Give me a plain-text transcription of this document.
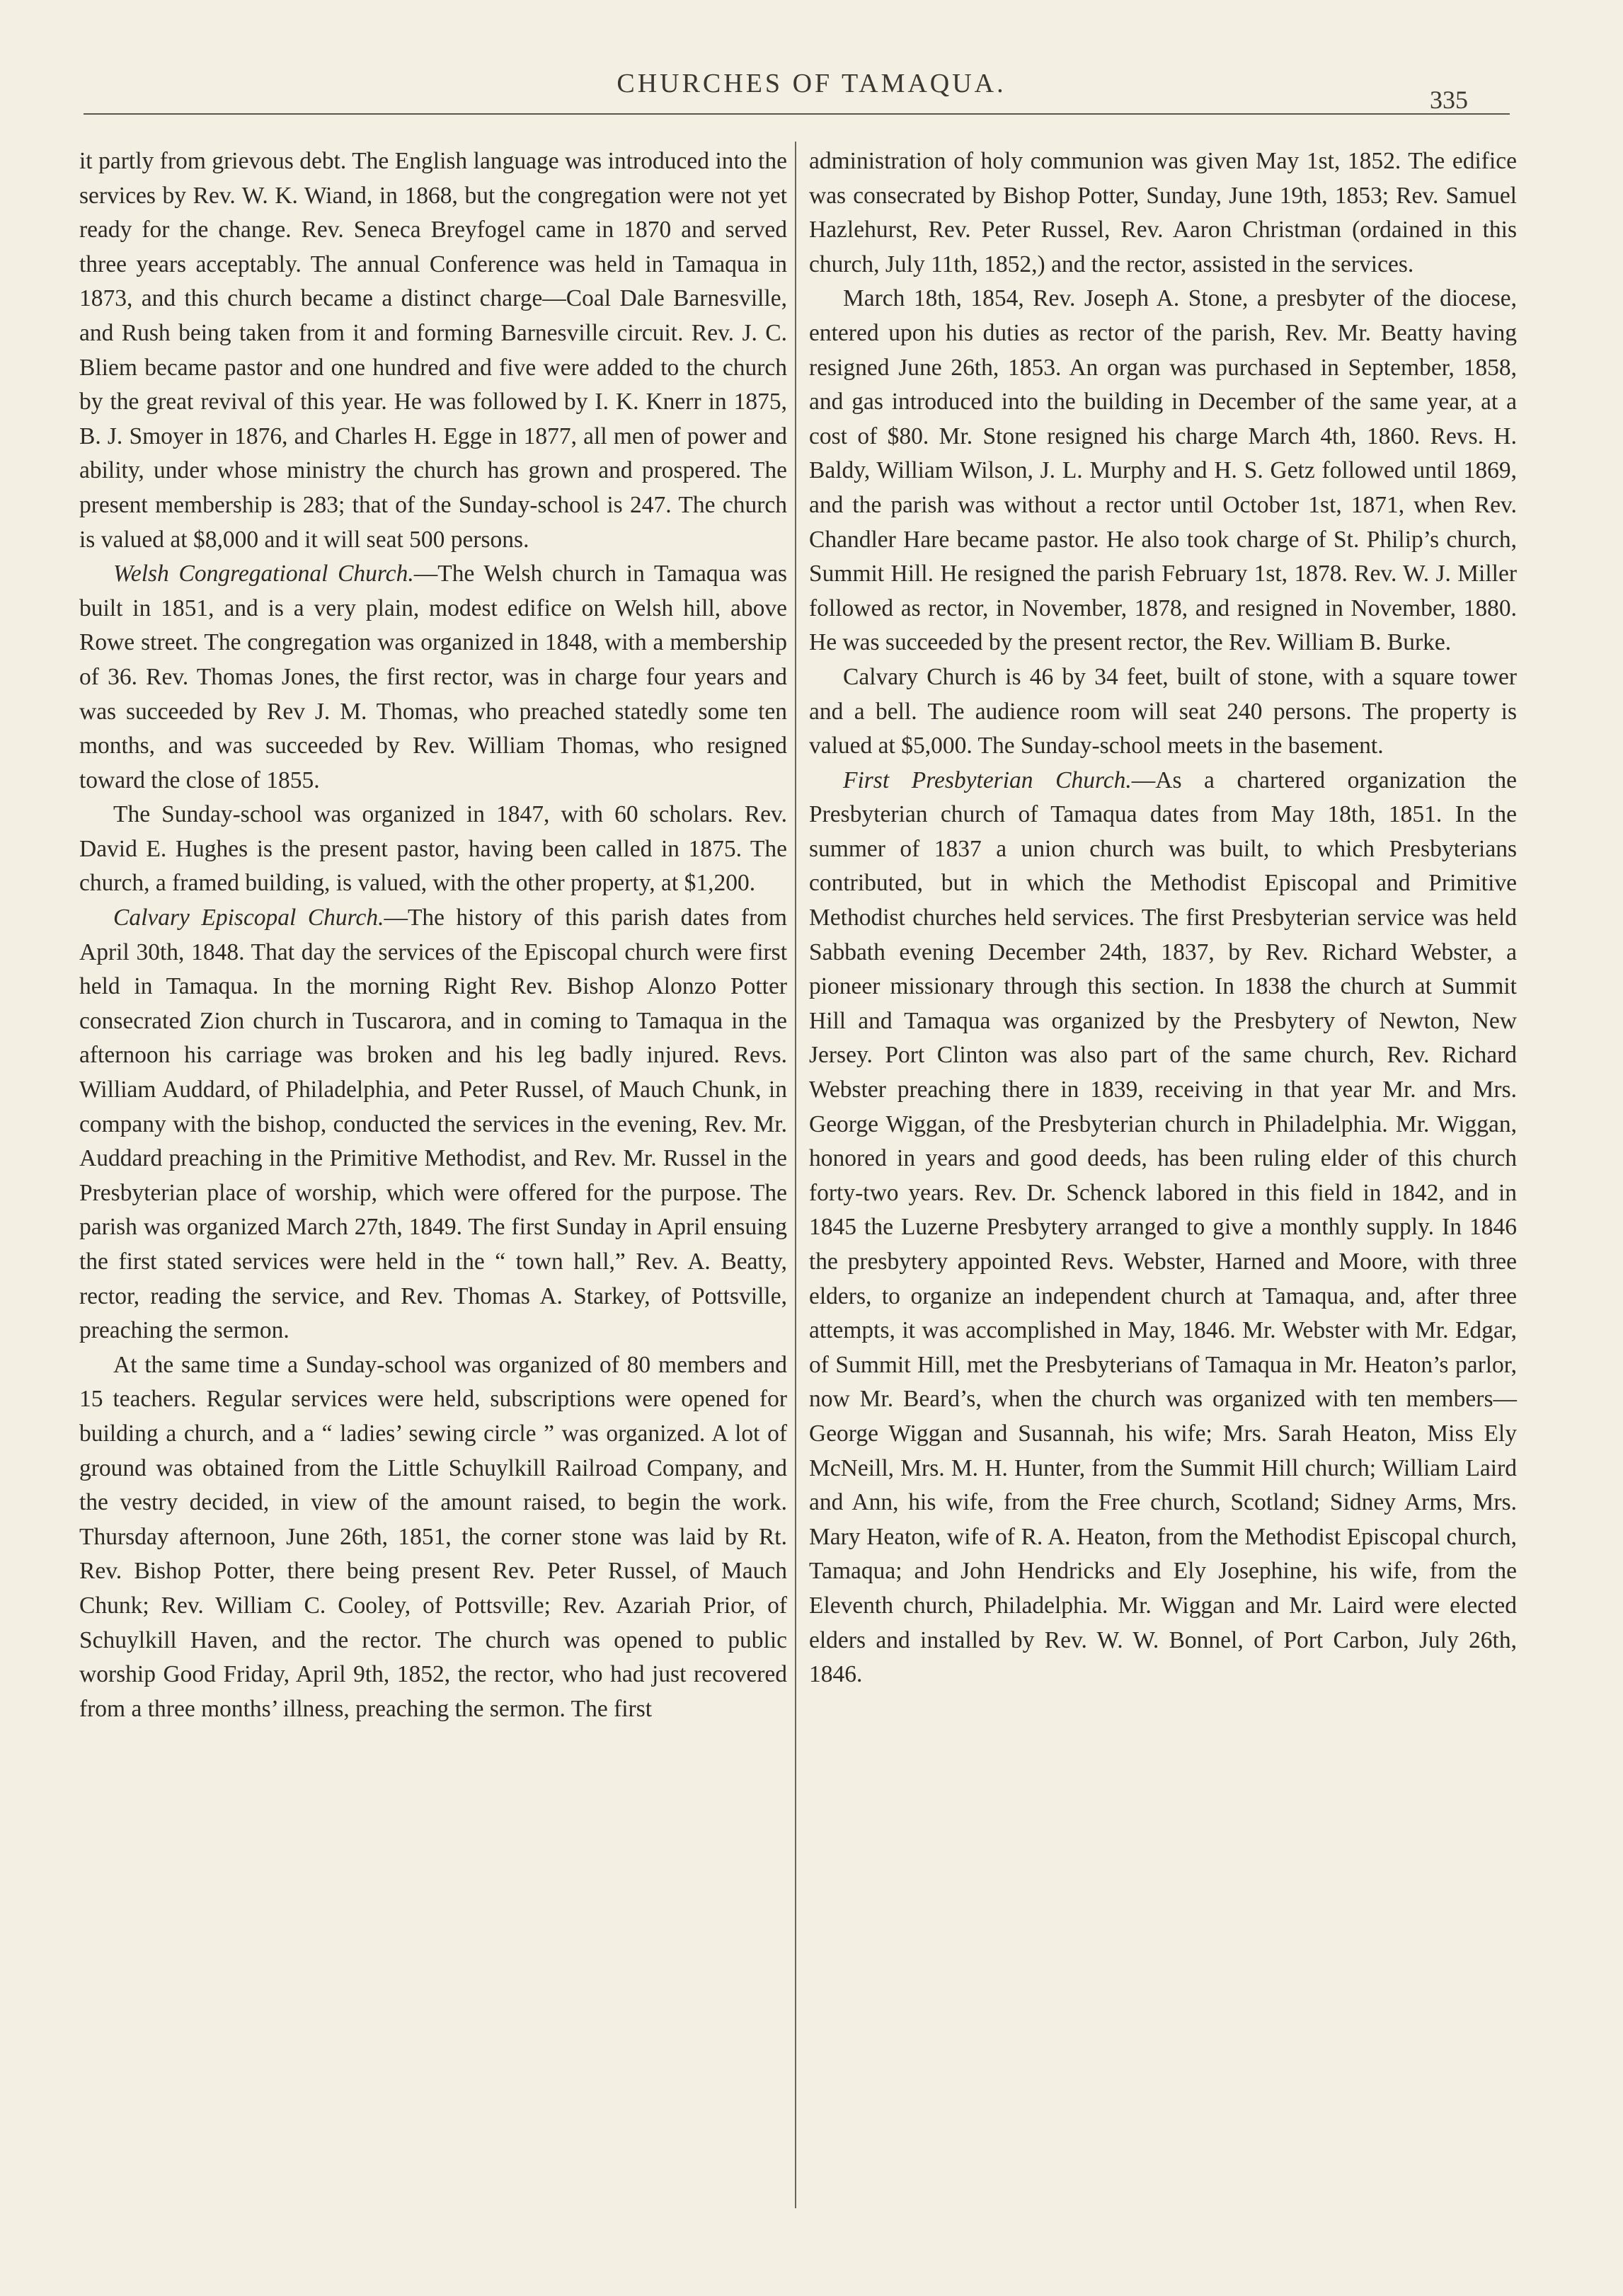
CHURCHES OF TAMAQUA.
335

it partly from grievous debt. The English language was introduced into the services by Rev. W. K. Wiand, in 1868, but the congregation were not yet ready for the change. Rev. Seneca Breyfogel came in 1870 and served three years acceptably. The annual Conference was held in Tamaqua in 1873, and this church became a distinct charge—Coal Dale Barnesville, and Rush being taken from it and forming Barnesville circuit. Rev. J. C. Bliem became pastor and one hundred and five were added to the church by the great revival of this year. He was followed by I. K. Knerr in 1875, B. J. Smoyer in 1876, and Charles H. Egge in 1877, all men of power and ability, under whose ministry the church has grown and prospered. The present membership is 283; that of the Sunday-school is 247. The church is valued at $8,000 and it will seat 500 persons.

Welsh Congregational Church.—The Welsh church in Tamaqua was built in 1851, and is a very plain, modest edifice on Welsh hill, above Rowe street. The congregation was organized in 1848, with a membership of 36. Rev. Thomas Jones, the first rector, was in charge four years and was succeeded by Rev J. M. Thomas, who preached statedly some ten months, and was succeeded by Rev. William Thomas, who resigned toward the close of 1855.

The Sunday-school was organized in 1847, with 60 scholars. Rev. David E. Hughes is the present pastor, having been called in 1875. The church, a framed building, is valued, with the other property, at $1,200.

Calvary Episcopal Church.—The history of this parish dates from April 30th, 1848. That day the services of the Episcopal church were first held in Tamaqua. In the morning Right Rev. Bishop Alonzo Potter consecrated Zion church in Tuscarora, and in coming to Tamaqua in the afternoon his carriage was broken and his leg badly injured. Revs. William Auddard, of Philadelphia, and Peter Russel, of Mauch Chunk, in company with the bishop, conducted the services in the evening, Rev. Mr. Auddard preaching in the Primitive Methodist, and Rev. Mr. Russel in the Presbyterian place of worship, which were offered for the purpose. The parish was organized March 27th, 1849. The first Sunday in April ensuing the first stated services were held in the “ town hall,” Rev. A. Beatty, rector, reading the service, and Rev. Thomas A. Starkey, of Pottsville, preaching the sermon.

At the same time a Sunday-school was organized of 80 members and 15 teachers. Regular services were held, subscriptions were opened for building a church, and a “ ladies’ sewing circle ” was organized. A lot of ground was obtained from the Little Schuylkill Railroad Company, and the vestry decided, in view of the amount raised, to begin the work. Thursday afternoon, June 26th, 1851, the corner stone was laid by Rt. Rev. Bishop Potter, there being present Rev. Peter Russel, of Mauch Chunk; Rev. William C. Cooley, of Pottsville; Rev. Azariah Prior, of Schuylkill Haven, and the rector. The church was opened to public worship Good Friday, April 9th, 1852, the rector, who had just recovered from a three months’ illness, preaching the sermon. The first

administration of holy communion was given May 1st, 1852. The edifice was consecrated by Bishop Potter, Sunday, June 19th, 1853; Rev. Samuel Hazlehurst, Rev. Peter Russel, Rev. Aaron Christman (ordained in this church, July 11th, 1852,) and the rector, assisted in the services.

March 18th, 1854, Rev. Joseph A. Stone, a presbyter of the diocese, entered upon his duties as rector of the parish, Rev. Mr. Beatty having resigned June 26th, 1853. An organ was purchased in September, 1858, and gas introduced into the building in December of the same year, at a cost of $80. Mr. Stone resigned his charge March 4th, 1860. Revs. H. Baldy, William Wilson, J. L. Murphy and H. S. Getz followed until 1869, and the parish was without a rector until October 1st, 1871, when Rev. Chandler Hare became pastor. He also took charge of St. Philip’s church, Summit Hill. He resigned the parish February 1st, 1878. Rev. W. J. Miller followed as rector, in November, 1878, and resigned in November, 1880. He was succeeded by the present rector, the Rev. William B. Burke.

Calvary Church is 46 by 34 feet, built of stone, with a square tower and a bell. The audience room will seat 240 persons. The property is valued at $5,000. The Sunday-school meets in the basement.

First Presbyterian Church.—As a chartered organization the Presbyterian church of Tamaqua dates from May 18th, 1851. In the summer of 1837 a union church was built, to which Presbyterians contributed, but in which the Methodist Episcopal and Primitive Methodist churches held services. The first Presbyterian service was held Sabbath evening December 24th, 1837, by Rev. Richard Webster, a pioneer missionary through this section. In 1838 the church at Summit Hill and Tamaqua was organized by the Presbytery of Newton, New Jersey. Port Clinton was also part of the same church, Rev. Richard Webster preaching there in 1839, receiving in that year Mr. and Mrs. George Wiggan, of the Presbyterian church in Philadelphia. Mr. Wiggan, honored in years and good deeds, has been ruling elder of this church forty-two years. Rev. Dr. Schenck labored in this field in 1842, and in 1845 the Luzerne Presbytery arranged to give a monthly supply. In 1846 the presbytery appointed Revs. Webster, Harned and Moore, with three elders, to organize an independent church at Tamaqua, and, after three attempts, it was accomplished in May, 1846. Mr. Webster with Mr. Edgar, of Summit Hill, met the Presbyterians of Tamaqua in Mr. Heaton’s parlor, now Mr. Beard’s, when the church was organized with ten members—George Wiggan and Susannah, his wife; Mrs. Sarah Heaton, Miss Ely McNeill, Mrs. M. H. Hunter, from the Summit Hill church; William Laird and Ann, his wife, from the Free church, Scotland; Sidney Arms, Mrs. Mary Heaton, wife of R. A. Heaton, from the Methodist Episcopal church, Tamaqua; and John Hendricks and Ely Josephine, his wife, from the Eleventh church, Philadelphia. Mr. Wiggan and Mr. Laird were elected elders and installed by Rev. W. W. Bonnel, of Port Carbon, July 26th, 1846.
